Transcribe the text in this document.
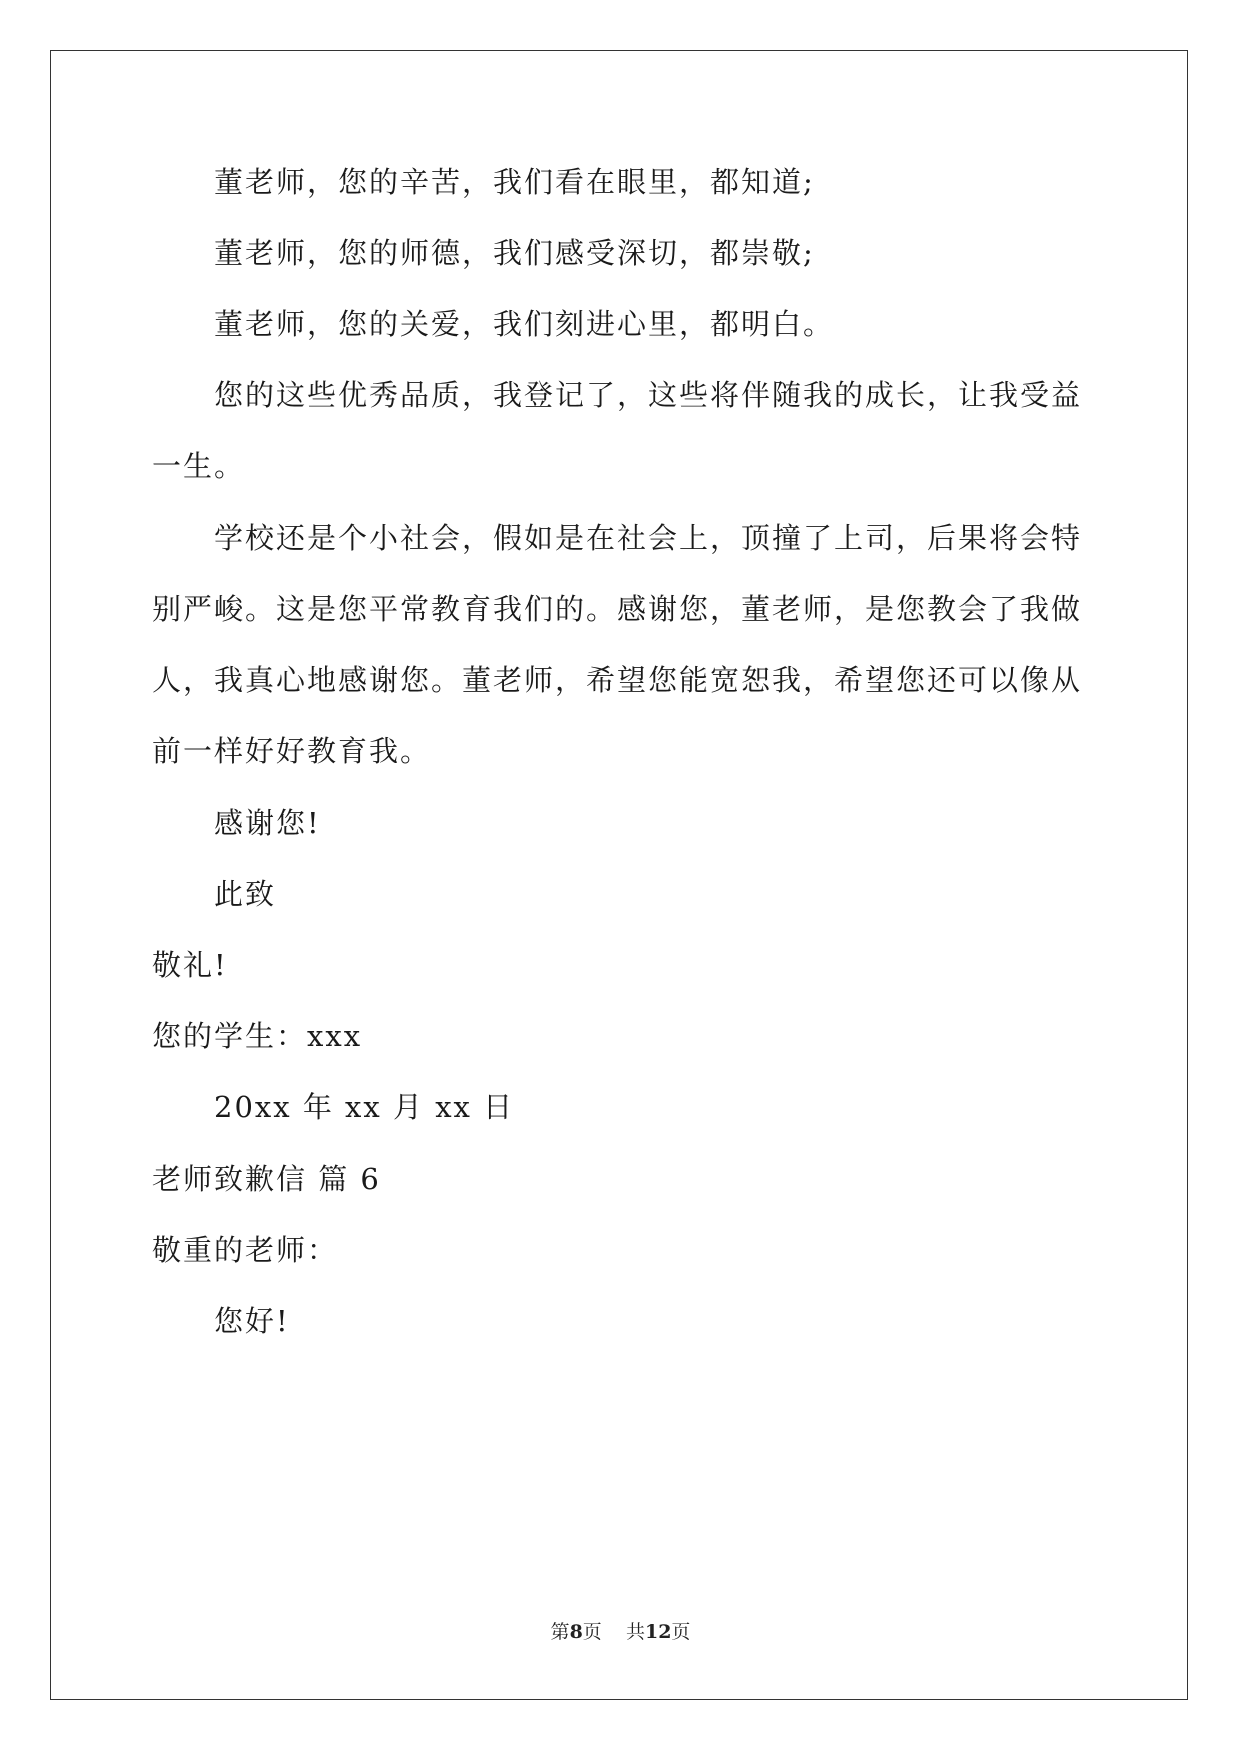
董老师，您的辛苦，我们看在眼里，都知道;
董老师，您的师德，我们感受深切，都崇敬;
董老师，您的关爱，我们刻进心里，都明白。
您的这些优秀品质，我登记了，这些将伴随我的成长，让我受益
一生。
学校还是个小社会，假如是在社会上，顶撞了上司，后果将会特
别严峻。这是您平常教育我们的。感谢您，董老师，是您教会了我做
人，我真心地感谢您。董老师，希望您能宽恕我，希望您还可以像从
前一样好好教育我。
感谢您!
此致
敬礼!
您的学生：xxx
20xx 年 xx 月 xx 日
老师致歉信 篇 6
敬重的老师：
您好!
第8页    共12页
